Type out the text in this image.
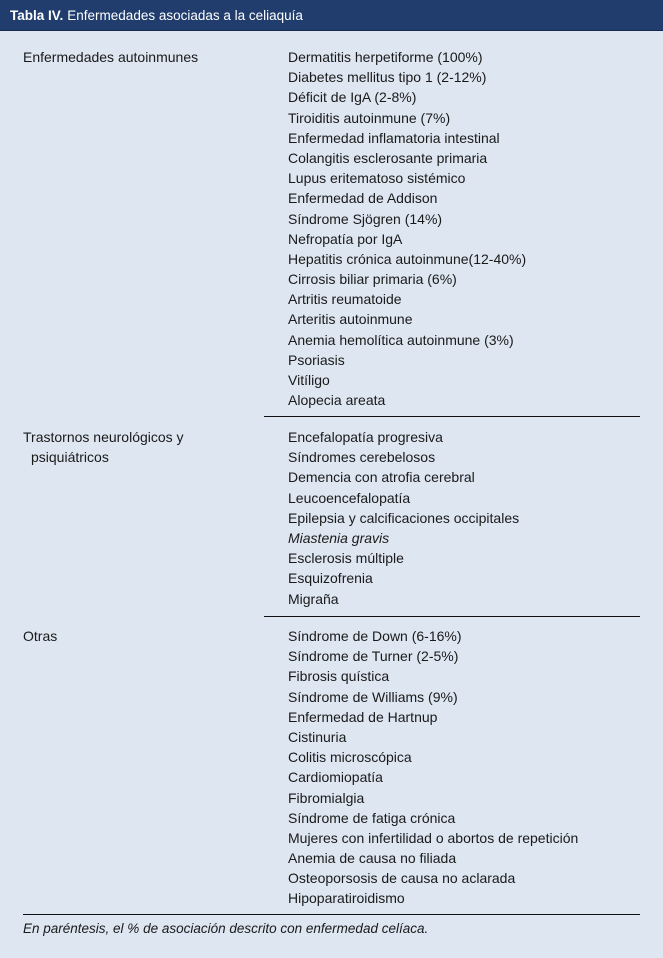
Tabla IV. Enfermedades asociadas a la celiaquía
Enfermedades autoinmunes	Dermatitis herpetiforme (100%)
Diabetes mellitus tipo 1 (2-12%)
Déficit de IgA (2-8%)
Tiroiditis autoinmune (7%)
Enfermedad inflamatoria intestinal
Colangitis esclerosante primaria
Lupus eritematoso sistémico
Enfermedad de Addison
Síndrome Sjögren (14%)
Nefropatía por IgA
Hepatitis crónica autoinmune(12-40%)
Cirrosis biliar primaria (6%)
Artritis reumatoide
Arteritis autoinmune
Anemia hemolítica autoinmune (3%)
Psoriasis
Vitíligo
Alopecia areata
Trastornos neurológicos y
psiquiátricos
Encefalopatía progresiva
Síndromes cerebelosos
Demencia con atrofia cerebral
Leucoencefalopatía
Epilepsia y calcificaciones occipitales
Miastenia gravis
Esclerosis múltiple
Esquizofrenia
Migraña
Otras	Síndrome de Down (6-16%)
Síndrome de Turner (2-5%)
Fibrosis quística
Síndrome de Williams (9%)
Enfermedad de Hartnup
Cistinuria
Colitis microscópica
Cardiomiopatía
Fibromialgia
Síndrome de fatiga crónica
Mujeres con infertilidad o abortos de repetición
Anemia de causa no filiada
Osteoporsosis de causa no aclarada
Hipoparatiroidismo
En paréntesis, el % de asociación descrito con enfermedad celíaca.
